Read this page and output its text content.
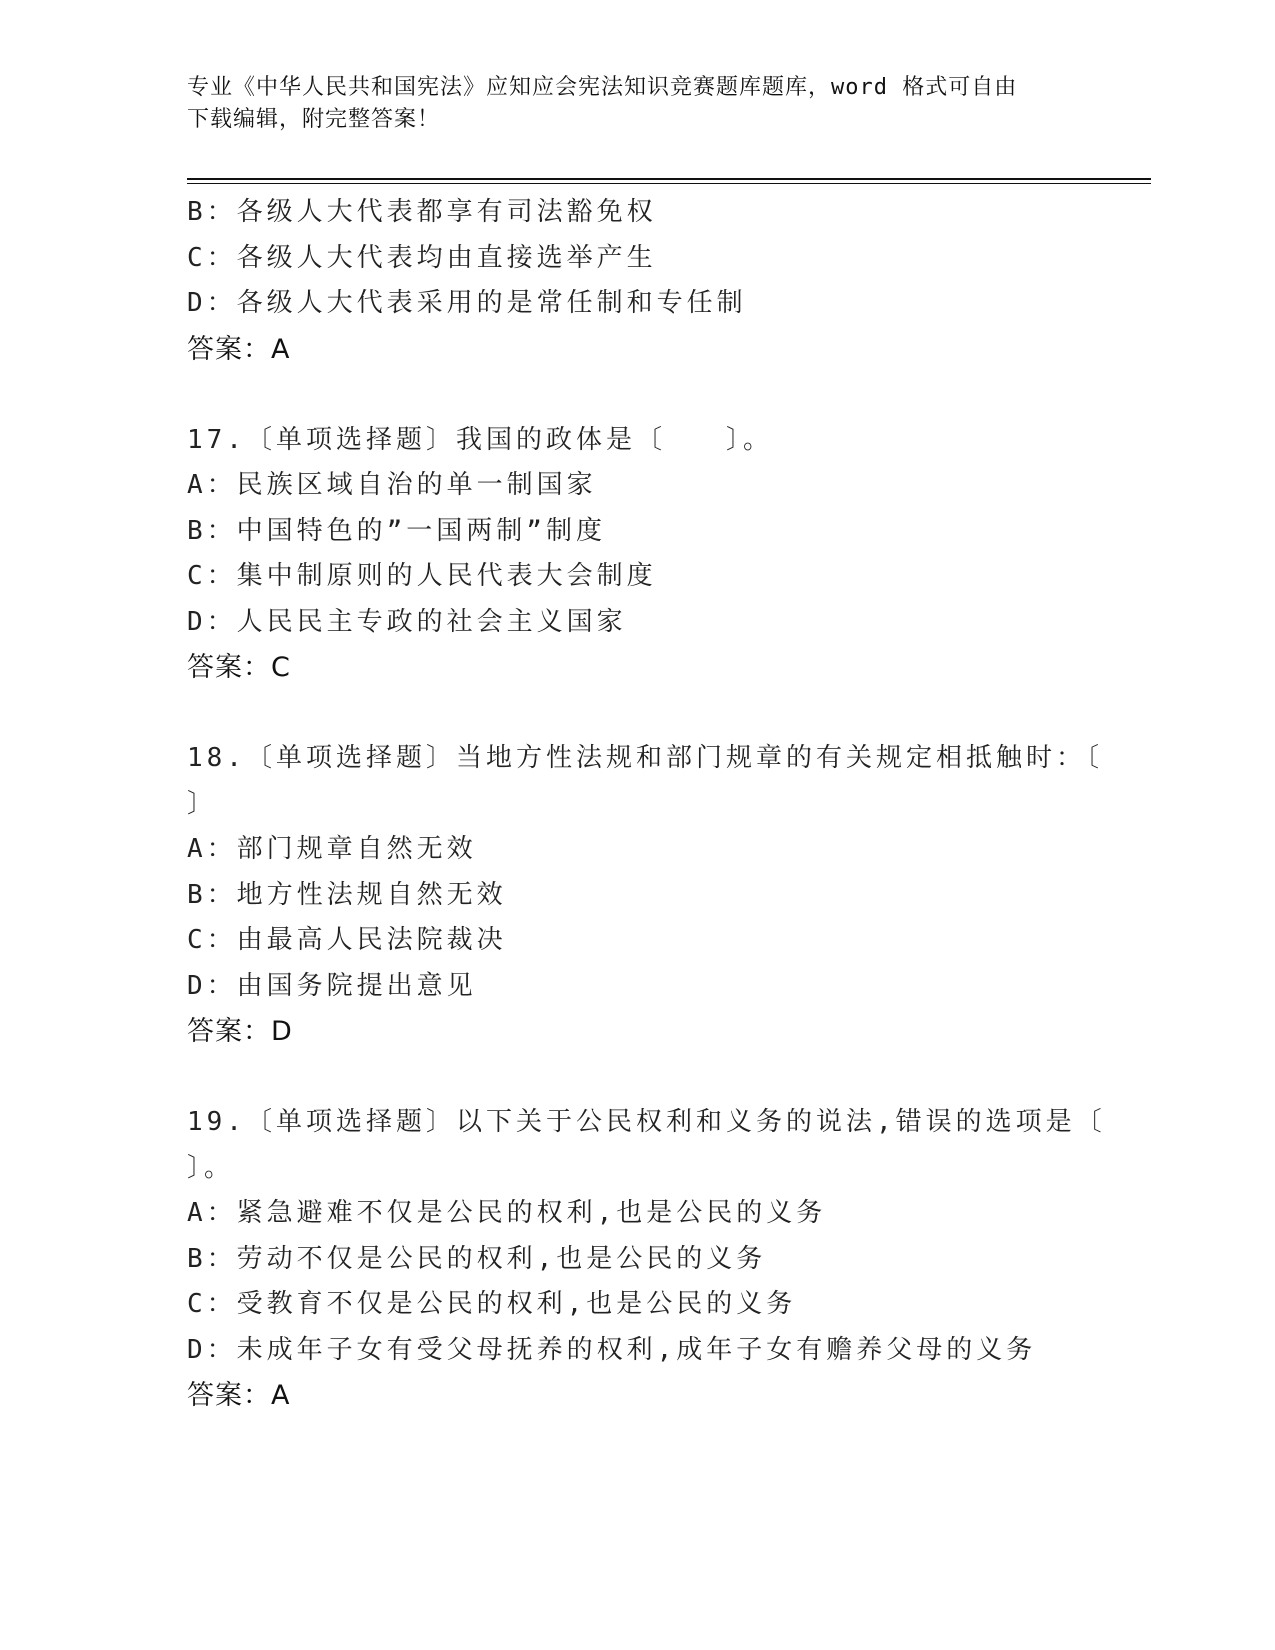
专业《中华人民共和国宪法》应知应会宪法知识竞赛题库题库，word 格式可自由
下载编辑，附完整答案！
B：各级人大代表都享有司法豁免权
C：各级人大代表均由直接选举产生
D：各级人大代表采用的是常任制和专任制
答案：A
17.〔单项选择题〕我国的政体是〔　　〕。
A：民族区域自治的单一制国家
B：中国特色的”一国两制”制度
C：集中制原则的人民代表大会制度
D：人民民主专政的社会主义国家
答案：C
18.〔单项选择题〕当地方性法规和部门规章的有关规定相抵触时：〔
〕
A：部门规章自然无效
B：地方性法规自然无效
C：由最高人民法院裁决
D：由国务院提出意见
答案：D
19.〔单项选择题〕以下关于公民权利和义务的说法,错误的选项是〔
〕。
A：紧急避难不仅是公民的权利,也是公民的义务
B：劳动不仅是公民的权利,也是公民的义务
C：受教育不仅是公民的权利,也是公民的义务
D：未成年子女有受父母抚养的权利,成年子女有赡养父母的义务
答案：A
